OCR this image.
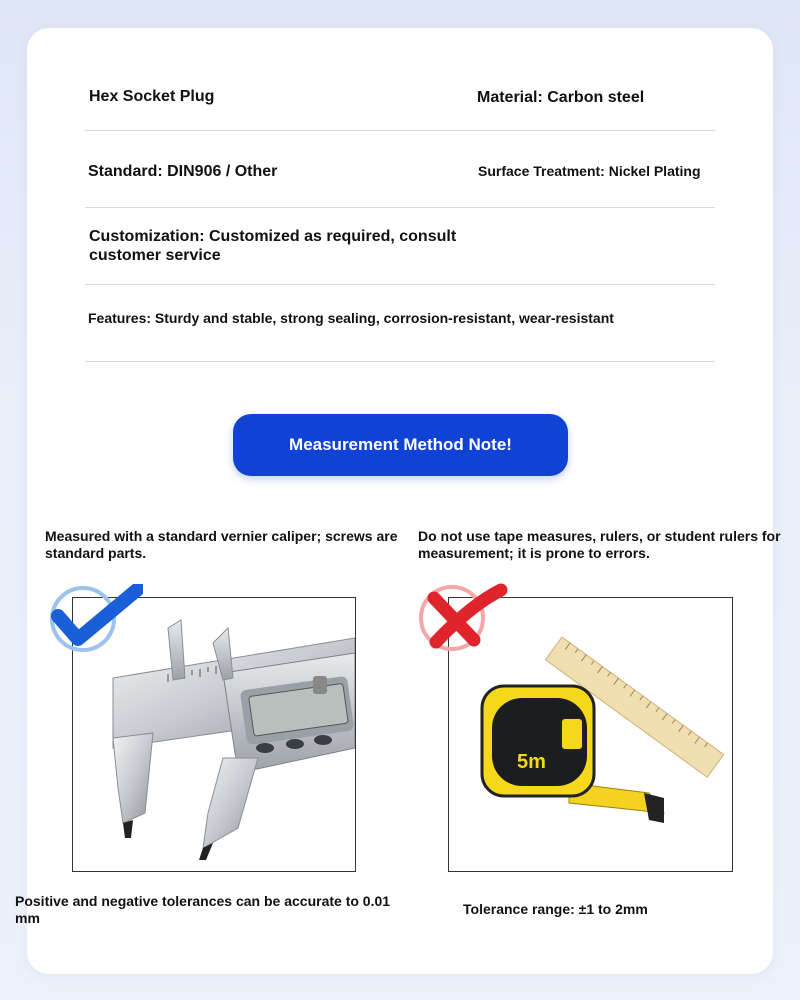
Hex Socket Plug	Material: Carbon steel
Standard: DIN906 / Other	Surface Treatment: Nickel Plating
Customization: Customized as required, consult customer service
Features: Sturdy and stable, strong sealing, corrosion-resistant, wear-resistant
Measurement Method Note!
Measured with a standard vernier caliper; screws are standard parts.
Do not use tape measures, rulers, or student rulers for measurement; it is prone to errors.
5m
Positive and negative tolerances can be accurate to 0.01 mm
Tolerance range: ±1 to 2mm
